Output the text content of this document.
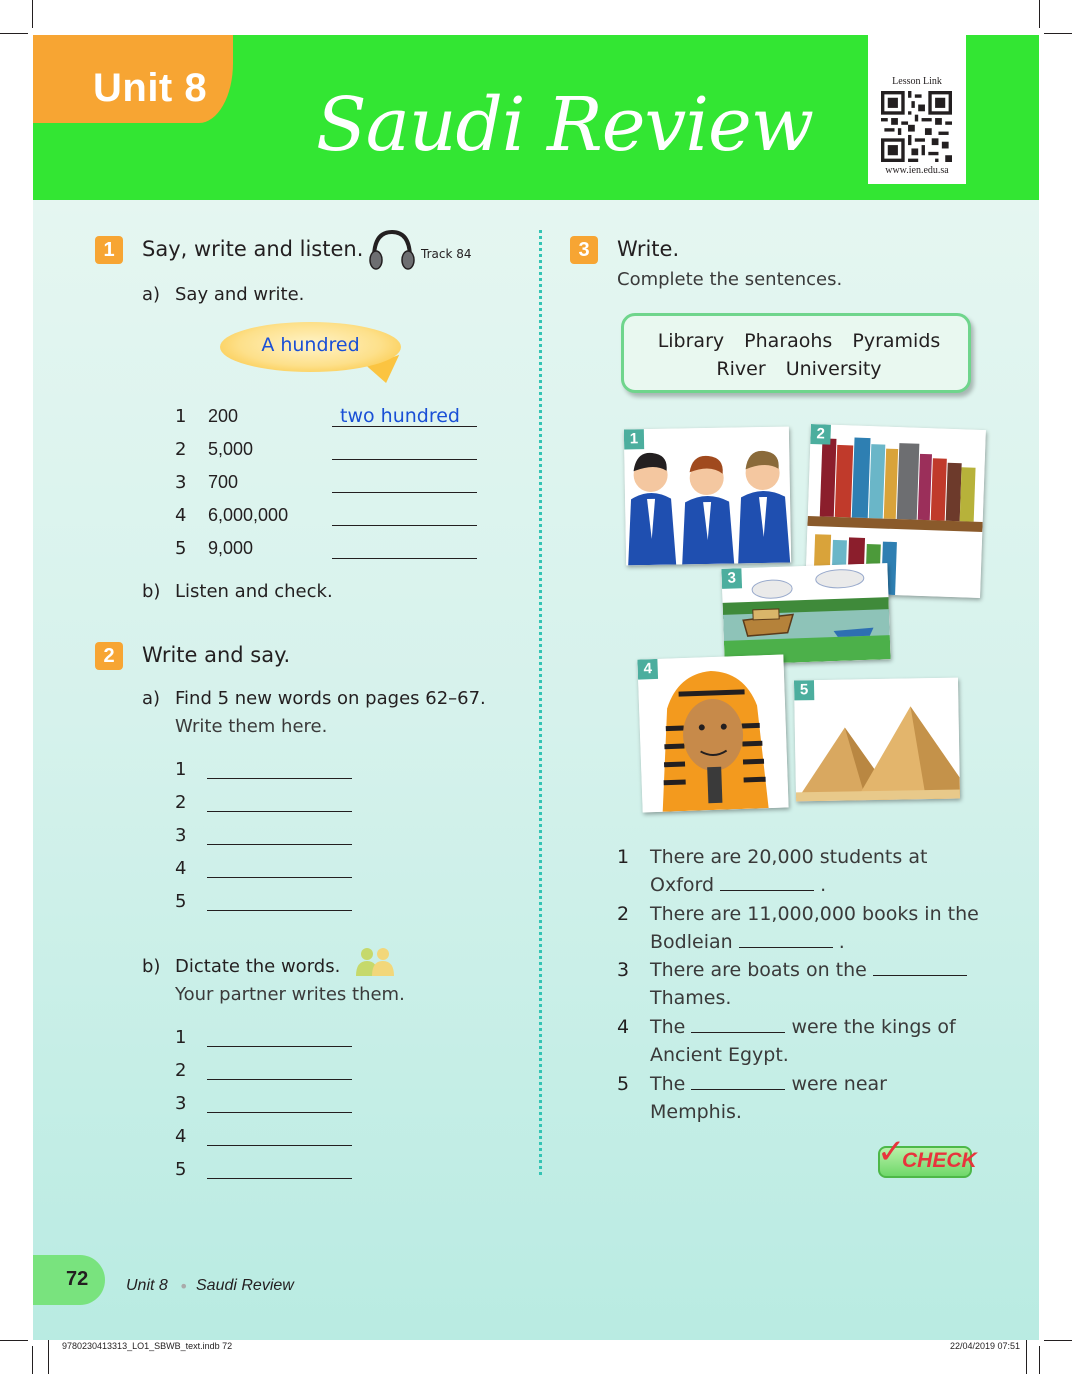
Unit 8 Saudi Review
Lesson Link
www.ien.edu.sa
1	Say, write and listen.	Track 84
a) Say and write.
A hundred
1 200	two hundred
2 5,000
3 700
4 6,000,000
5 9,000
b) Listen and check.
2	Write and say.
a) Find 5 new words on pages 62–67.
Write them here.
1
2
3
4
5
b) Dictate the words.
Your partner writes them.
1
2
3
4
5
3	Write.
Complete the sentences.
Library Pharaohs Pyramids
River University
2
1
3
4
5
1 There are 20,000 students at
Oxford	.
2 There are 11,000,000 books in the
Bodleian	.
3 There are boats on the
Thames.
4 The	were the kings of
Ancient Egypt.
5 The	were near
Memphis.
✓
CHECK
72 Unit 8 • Saudi Review
9780230413313_LO1_SBWB_text.indb 72	22/04/2019 07:51
